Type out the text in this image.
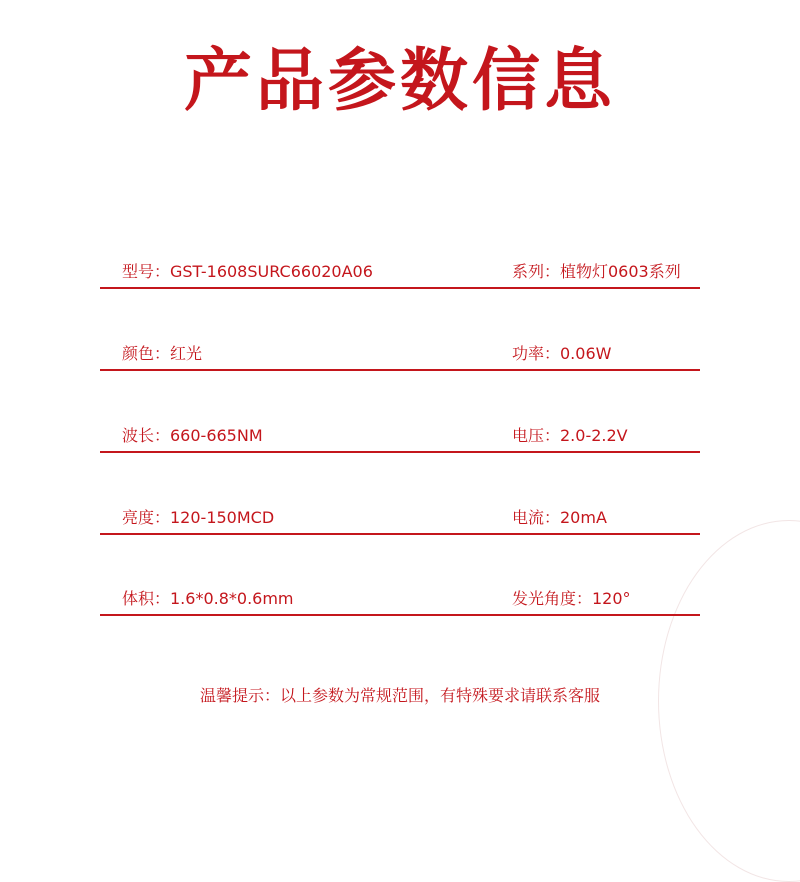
产品参数信息
型号：GST-1608SURC66020A06	系列：植物灯0603系列
颜色：红光	功率：0.06W
波长：660-665NM	电压：2.0-2.2V
亮度：120-150MCD	电流：20mA
体积：1.6*0.8*0.6mm	发光角度：120°
温馨提示：以上参数为常规范围，有特殊要求请联系客服
